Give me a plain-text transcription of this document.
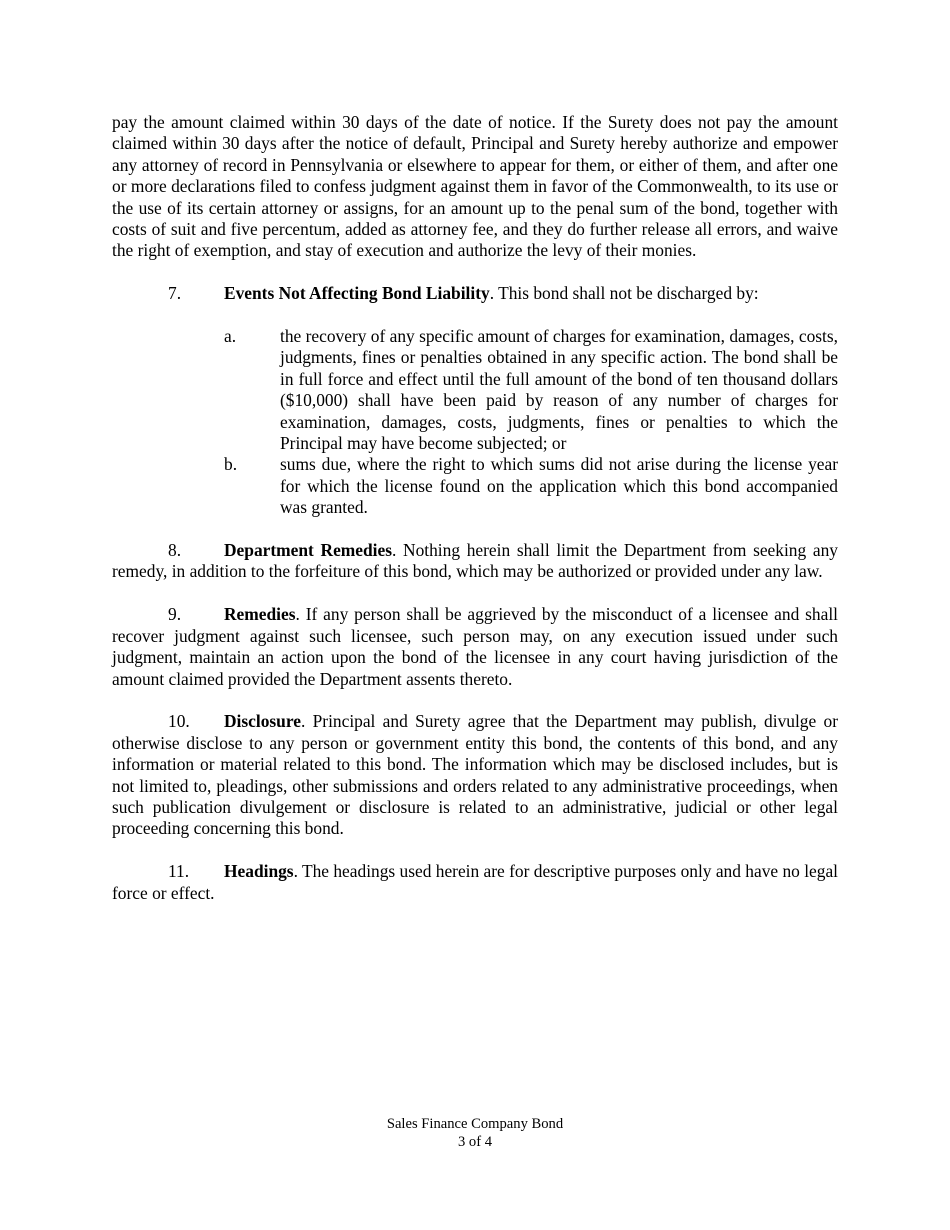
pay the amount claimed within 30 days of the date of notice. If the Surety does not pay the amount claimed within 30 days after the notice of default, Principal and Surety hereby authorize and empower any attorney of record in Pennsylvania or elsewhere to appear for them, or either of them, and after one or more declarations filed to confess judgment against them in favor of the Commonwealth, to its use or the use of its certain attorney or assigns, for an amount up to the penal sum of the bond, together with costs of suit and five percentum, added as attorney fee, and they do further release all errors, and waive the right of exemption, and stay of execution and authorize the levy of their monies.

7. Events Not Affecting Bond Liability. This bond shall not be discharged by:

a.	the recovery of any specific amount of charges for examination, damages, costs, judgments, fines or penalties obtained in any specific action. The bond shall be in full force and effect until the full amount of the bond of ten thousand dollars ($10,000) shall have been paid by reason of any number of charges for examination, damages, costs, judgments, fines or penalties to which the Principal may have become subjected; or
b. sums due, where the right to which sums did not arise during the license year for which the license found on the application which this bond accompanied was granted.

8. Department Remedies. Nothing herein shall limit the Department from seeking any remedy, in addition to the forfeiture of this bond, which may be authorized or provided under any law.

9. Remedies. If any person shall be aggrieved by the misconduct of a licensee and shall recover judgment against such licensee, such person may, on any execution issued under such judgment, maintain an action upon the bond of the licensee in any court having jurisdiction of the amount claimed provided the Department assents thereto.

10. Disclosure. Principal and Surety agree that the Department may publish, divulge or otherwise disclose to any person or government entity this bond, the contents of this bond, and any information or material related to this bond. The information which may be disclosed includes, but is not limited to, pleadings, other submissions and orders related to any administrative proceedings, when such publication divulgement or disclosure is related to an administrative, judicial or other legal proceeding concerning this bond.

11. Headings. The headings used herein are for descriptive purposes only and have no legal force or effect.

Sales Finance Company Bond
3 of 4
